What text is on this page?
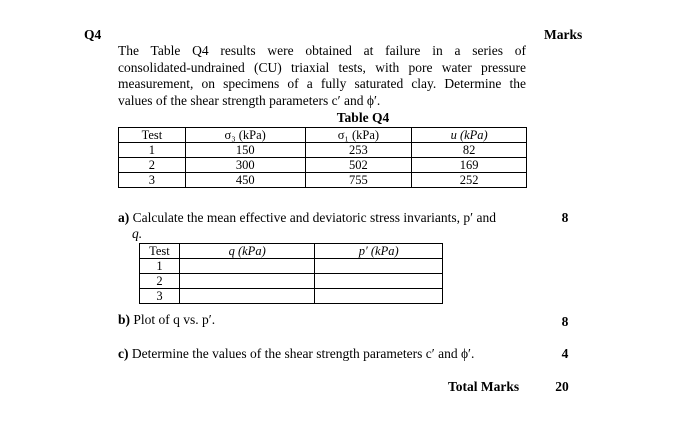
Q4	Marks
The Table Q4 results were obtained at failure in a series of
consolidated-undrained (CU) triaxial tests, with pore water pressure
measurement, on specimens of a fully saturated clay. Determine the
values of the shear strength parameters c′ and ϕ′.
Table Q4
Test	σ₃ (kPa)	σ₁ (kPa)	u (kPa)
1	150	253	82
2	300	502	169
3	450	755	252
a) Calculate the mean effective and deviatoric stress invariants, p′ and
q.
8
Test	q (kPa)	p′ (kPa)
1		
2		
3		
b) Plot of q vs. p′.	8
c) Determine the values of the shear strength parameters c′ and ϕ′.	4
Total Marks	20
